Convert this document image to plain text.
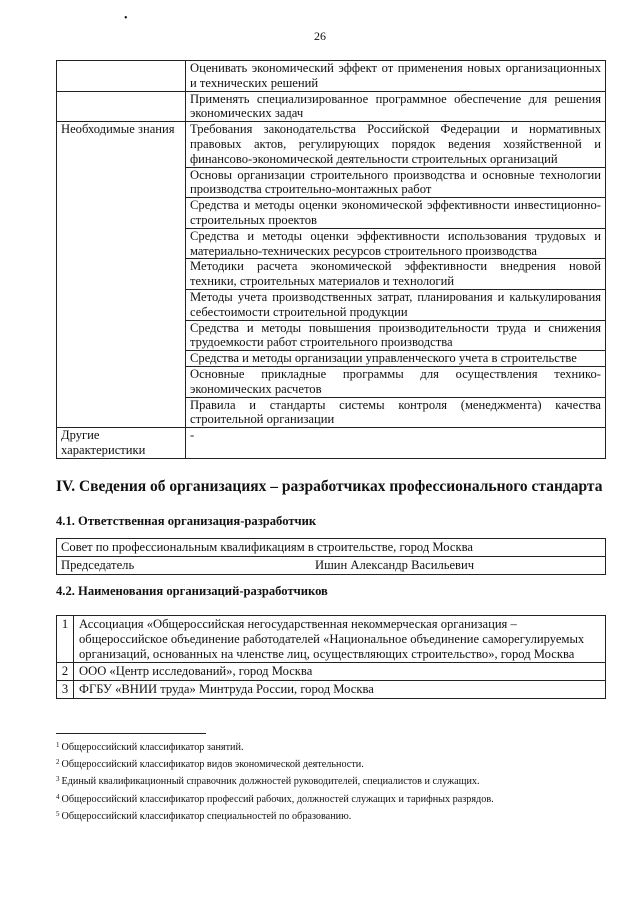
•
26
	Оценивать экономический эффект от применения новых организационных и технических решений
	Применять специализированное программное обеспечение для решения экономических задач
Необходимые знания	Требования законодательства Российской Федерации и нормативных правовых актов, регулирующих порядок ведения хозяйственной и финансово-экономической деятельности строительных организаций
	Основы организации строительного производства и основные технологии производства строительно-монтажных работ
	Средства и методы оценки экономической эффективности инвестиционно-строительных проектов
	Средства и методы оценки эффективности использования трудовых и материально-технических ресурсов строительного производства
	Методики расчета экономической эффективности внедрения новой техники, строительных материалов и технологий
	Методы учета производственных затрат, планирования и калькулирования себестоимости строительной продукции
	Средства и методы повышения производительности труда и снижения трудоемкости работ строительного производства
	Средства и методы организации управленческого учета в строительстве
	Основные прикладные программы для осуществления технико-экономических расчетов
	Правила и стандарты системы контроля (менеджмента) качества строительной организации
Другие характеристики	-
IV. Сведения об организациях – разработчиках профессионального стандарта
4.1. Ответственная организация-разработчик
Совет по профессиональным квалификациям в строительстве, город Москва
Председатель	Ишин Александр Васильевич
4.2. Наименования организаций-разработчиков
1	Ассоциация «Общероссийская негосударственная некоммерческая организация – общероссийское объединение работодателей «Национальное объединение саморегулируемых организаций, основанных на членстве лиц, осуществляющих строительство», город Москва
2	ООО «Центр исследований», город Москва
3	ФГБУ «ВНИИ труда» Минтруда России, город Москва
$^1$ Общероссийский классификатор занятий.
$^2$ Общероссийский классификатор видов экономической деятельности.
$^3$ Единый квалификационный справочник должностей руководителей, специалистов и служащих.
$^4$ Общероссийский классификатор профессий рабочих, должностей служащих и тарифных разрядов.
$^5$ Общероссийский классификатор специальностей по образованию.
